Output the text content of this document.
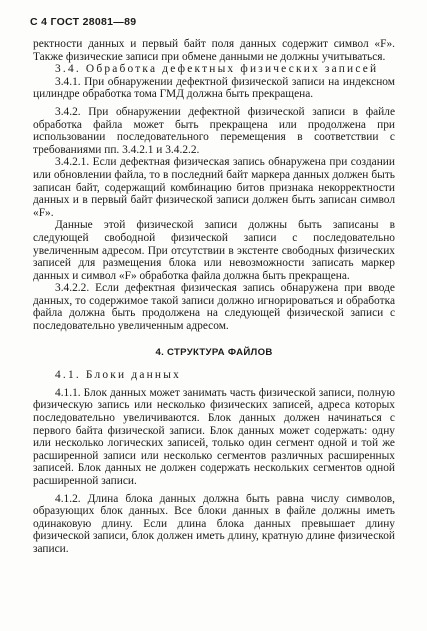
С 4 ГОСТ 28081—89

ректности данных и первый байт поля данных содержит символ «F». Также физические записи при обмене данными не должны учитываться.

3.4. Обработка дефектных физических записей

3.4.1. При обнаружении дефектной физической записи на индексном цилиндре обработка тома ГМД должна быть прекращена.

3.4.2. При обнаружении дефектной физической записи в файле обработка файла может быть прекращена или продолжена при использовании последовательного перемещения в соответствии с требованиями пп. 3.4.2.1 и 3.4.2.2.

3.4.2.1. Если дефектная физическая запись обнаружена при создании или обновлении файла, то в последний байт маркера данных должен быть записан байт, содержащий комбинацию битов признака некорректности данных и в первый байт физической записи должен быть записан символ «F».

Данные этой физической записи должны быть записаны в следующей свободной физической записи с последовательно увеличенным адресом. При отсутствии в экстенте свободных физических записей для размещения блока или невозможности записать маркер данных и символ «F» обработка файла должна быть прекращена.

3.4.2.2. Если дефектная физическая запись обнаружена при вводе данных, то содержимое такой записи должно игнорироваться и обработка файла должна быть продолжена на следующей физической записи с последовательно увеличенным адресом.

4. СТРУКТУРА ФАЙЛОВ

4.1. Блоки данных

4.1.1. Блок данных может занимать часть физической записи, полную физическую запись или несколько физических записей, адреса которых последовательно увеличиваются. Блок данных должен начинаться с первого байта физической записи. Блок данных может содержать: одну или несколько логических записей, только один сегмент одной и той же расширенной записи или несколько сегментов различных расширенных записей. Блок данных не должен содержать нескольких сегментов одной расширенной записи.

4.1.2. Длина блока данных должна быть равна числу символов, образующих блок данных. Все блоки данных в файле должны иметь одинаковую длину. Если длина блока данных превышает длину физической записи, блок должен иметь длину, кратную длине физической записи.
